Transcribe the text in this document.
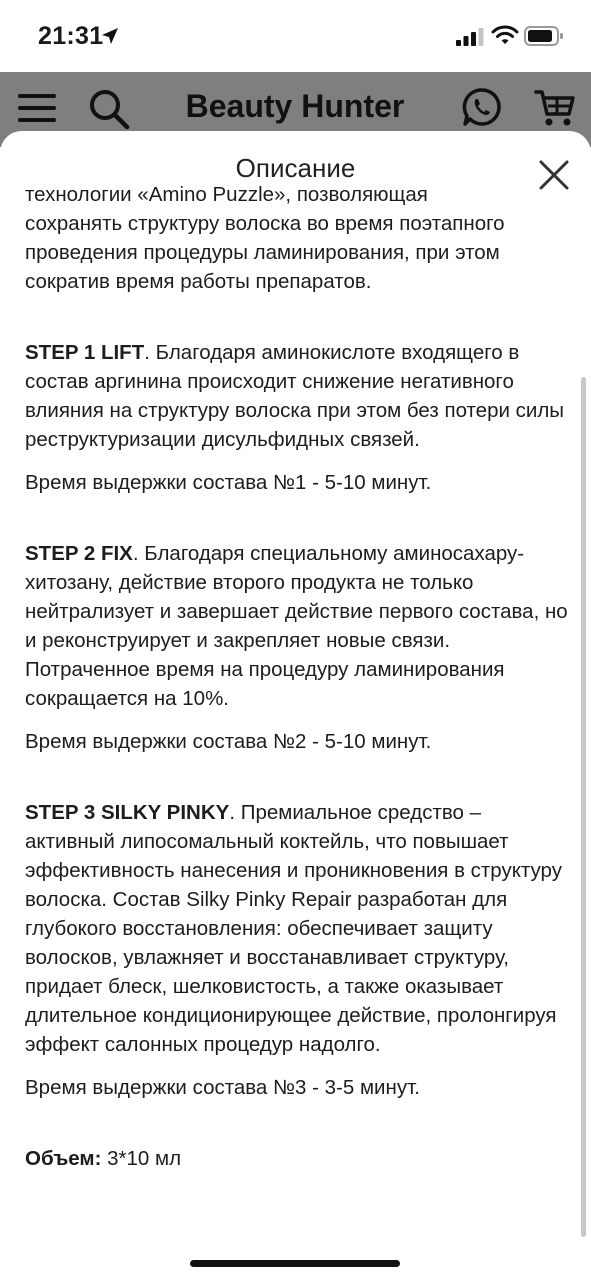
21:31
Beauty Hunter
Описание

технологии «Amino Puzzle», позволяющая

сохранять структуру волоска во время поэтапного проведения процедуры ламинирования, при этом сократив время работы препаратов.

STEP 1 LIFT. Благодаря аминокислоте входящего в состав аргинина происходит снижение негативного влияния на структуру волоска при этом без потери силы реструктуризации дисульфидных связей.

Время выдержки состава №1 - 5-10 минут.

STEP 2 FIX. Благодаря специальному аминосахару-хитозану, действие второго продукта не только нейтрализует и завершает действие первого состава, но и реконструирует и закрепляет новые связи. Потраченное время на процедуру ламинирования сокращается на 10%.

Время выдержки состава №2 - 5-10 минут.

STEP 3 SILKY PINKY. Премиальное средство – активный липосомальный коктейль, что повышает эффективность нанесения и проникновения в структуру волоска. Состав Silky Pinky Repair разработан для глубокого восстановления: обеспечивает защиту волосков, увлажняет и восстанавливает структуру, придает блеск, шелковистость, а также оказывает длительное кондиционирующее действие, пролонгируя эффект салонных процедур надолго.

Время выдержки состава №3 - 3-5 минут.

Объем: 3*10 мл
